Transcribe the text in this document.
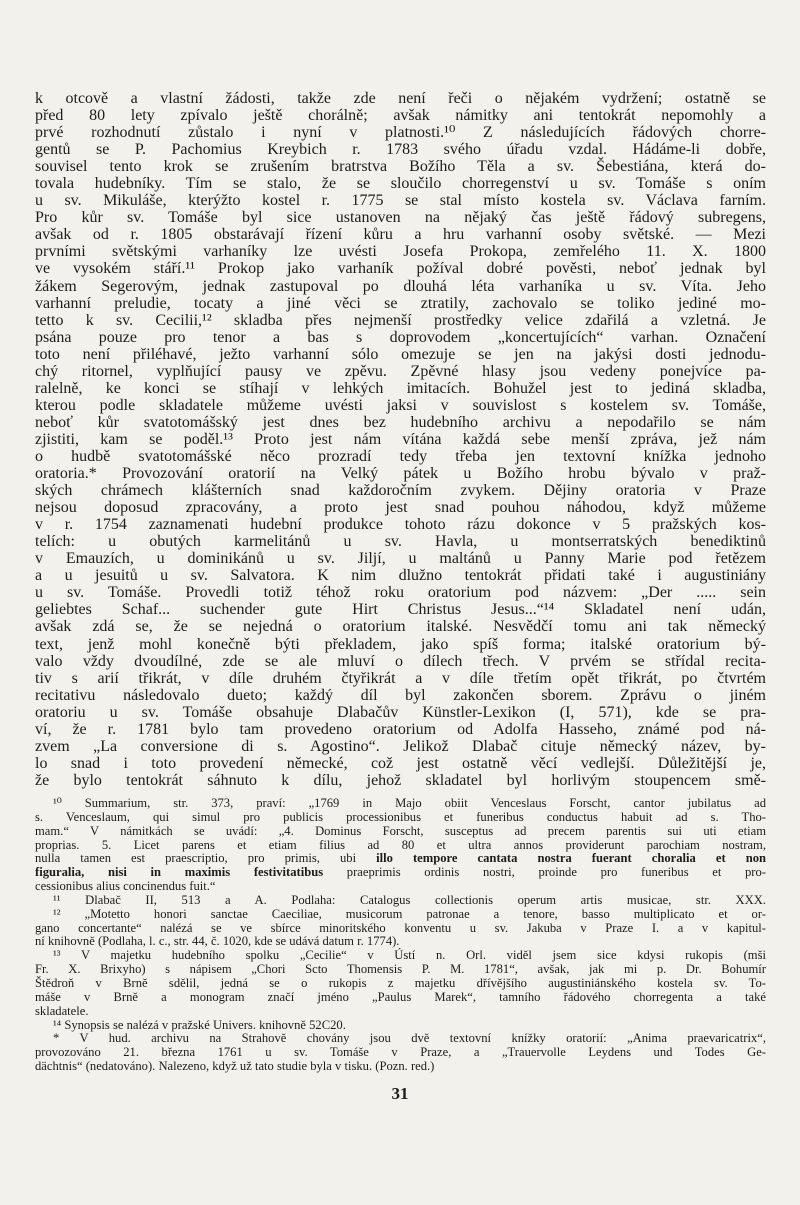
k otcově a vlastní žádosti, takže zde není řeči o nějakém vydržení; ostatně se
před 80 lety zpívalo ještě chorálně; avšak námitky ani tentokrát nepomohly a
prvé rozhodnutí zůstalo i nyní v platnosti.¹⁰ Z následujících řádových chorre-
gentů se P. Pachomius Kreybich r. 1783 svého úřadu vzdal. Hádáme-li dobře,
souvisel tento krok se zrušením bratrstva Božího Těla a sv. Šebestiána, která do-
tovala hudebníky. Tím se stalo, že se sloučilo chorregenství u sv. Tomáše s oním
u sv. Mikuláše, kterýžto kostel r. 1775 se stal místo kostela sv. Václava farním.
Pro kůr sv. Tomáše byl sice ustanoven na nějaký čas ještě řádový subregens,
avšak od r. 1805 obstarávají řízení kůru a hru varhanní osoby světské. — Mezi
prvními světskými varhaníky lze uvésti Josefa Prokopa, zemřelého 11. X. 1800
ve vysokém stáří.¹¹ Prokop jako varhaník požíval dobré pověsti, neboť jednak byl
žákem Segerovým, jednak zastupoval po dlouhá léta varhaníka u sv. Víta. Jeho
varhanní preludie, tocaty a jiné věci se ztratily, zachovalo se toliko jediné mo-
tetto k sv. Cecilii,¹² skladba přes nejmenší prostředky velice zdařilá a vzletná. Je
psána pouze pro tenor a bas s doprovodem „koncertujících“ varhan. Označení
toto není přiléhavé, ježto varhanní sólo omezuje se jen na jakýsi dosti jednodu-
chý ritornel, vyplňující pausy ve zpěvu. Zpěvné hlasy jsou vedeny ponejvíce pa-
ralelně, ke konci se stíhají v lehkých imitacích. Bohužel jest to jediná skladba,
kterou podle skladatele můžeme uvésti jaksi v souvislost s kostelem sv. Tomáše,
neboť kůr svatotomášský jest dnes bez hudebního archivu a nepodařilo se nám
zjistiti, kam se poděl.¹³ Proto jest nám vítána každá sebe menší zpráva, jež nám
o hudbě svatotomášské něco prozradí tedy třeba jen textovní knížka jednoho
oratoria.* Provozování oratorií na Velký pátek u Božího hrobu bývalo v praž-
ských chrámech klášterních snad každoročním zvykem. Dějiny oratoria v Praze
nejsou doposud zpracovány, a proto jest snad pouhou náhodou, když můžeme
v r. 1754 zaznamenati hudební produkce tohoto rázu dokonce v 5 pražských kos-
telích: u obutých karmelitánů u sv. Havla, u montserratských benediktinů
v Emauzích, u dominikánů u sv. Jiljí, u maltánů u Panny Marie pod řetězem
a u jesuitů u sv. Salvatora. K nim dlužno tentokrát přidati také i augustiniány
u sv. Tomáše. Provedli totiž téhož roku oratorium pod názvem: „Der ..... sein
geliebtes Schaf... suchender gute Hirt Christus Jesus...“¹⁴ Skladatel není udán,
avšak zdá se, že se nejedná o oratorium italské. Nesvědčí tomu ani tak německý
text, jenž mohl konečně býti překladem, jako spíš forma; italské oratorium bý-
valo vždy dvoudílné, zde se ale mluví o dílech třech. V prvém se střídal recita-
tiv s arií třikrát, v díle druhém čtyřikrát a v díle třetím opět třikrát, po čtvrtém
recitativu následovalo dueto; každý díl byl zakončen sborem. Zprávu o jiném
oratoriu u sv. Tomáše obsahuje Dlabačův Künstler-Lexikon (I, 571), kde se pra-
ví, že r. 1781 bylo tam provedeno oratorium od Adolfa Hasseho, známé pod ná-
zvem „La conversione di s. Agostino“. Jelikož Dlabač cituje německý název, by-
lo snad i toto provedení německé, což jest ostatně věcí vedlejší. Důležitější je,
že bylo tentokrát sáhnuto k dílu, jehož skladatel byl horlivým stoupencem smě-
¹⁰ Summarium, str. 373, praví: „1769 in Majo obiit Venceslaus Forscht, cantor jubilatus ad
s. Venceslaum, qui simul pro publicis processionibus et funeribus conductus habuit ad s. Tho-
mam.“ V námitkách se uvádí: „4. Dominus Forscht, susceptus ad precem parentis sui uti etiam
proprias. 5. Licet parens et etiam filius ad 80 et ultra annos providerunt parochiam nostram,
nulla tamen est praescriptio, pro primis, ubi illo tempore cantata nostra fuerant choralia et non
figuralia, nisi in maximis festivitatibus praeprimis ordinis nostri, proinde pro funeribus et pro-
cessionibus alius concinendus fuit.“
¹¹ Dlabač II, 513 a A. Podlaha: Catalogus collectionis operum artis musicae, str. XXX.
¹² „Motetto honori sanctae Caeciliae, musicorum patronae a tenore, basso multiplicato et or-
gano concertante“ nalézá se ve sbírce minoritského konventu u sv. Jakuba v Praze I. a v kapitul-
ní knihovně (Podlaha, l. c., str. 44, č. 1020, kde se udává datum r. 1774).
¹³ V majetku hudebního spolku „Cecilie“ v Ústí n. Orl. viděl jsem sice kdysi rukopis (mši
Fr. X. Brixyho) s nápisem „Chori Scto Thomensis P. M. 1781“, avšak, jak mi p. Dr. Bohumír
Štědroň v Brně sdělil, jedná se o rukopis z majetku dřívějšího augustiniánského kostela sv. To-
máše v Brně a monogram značí jméno „Paulus Marek“, tamního řádového chorregenta a také
skladatele.
¹⁴ Synopsis se nalézá v pražské Univers. knihovně 52C20.
* V hud. archivu na Strahově chovány jsou dvě textovní knížky oratorií: „Anima praevaricatrix“,
provozováno 21. března 1761 u sv. Tomáše v Praze, a „Trauervolle Leydens und Todes Ge-
dächtnis“ (nedatováno). Nalezeno, když už tato studie byla v tisku. (Pozn. red.)
31
